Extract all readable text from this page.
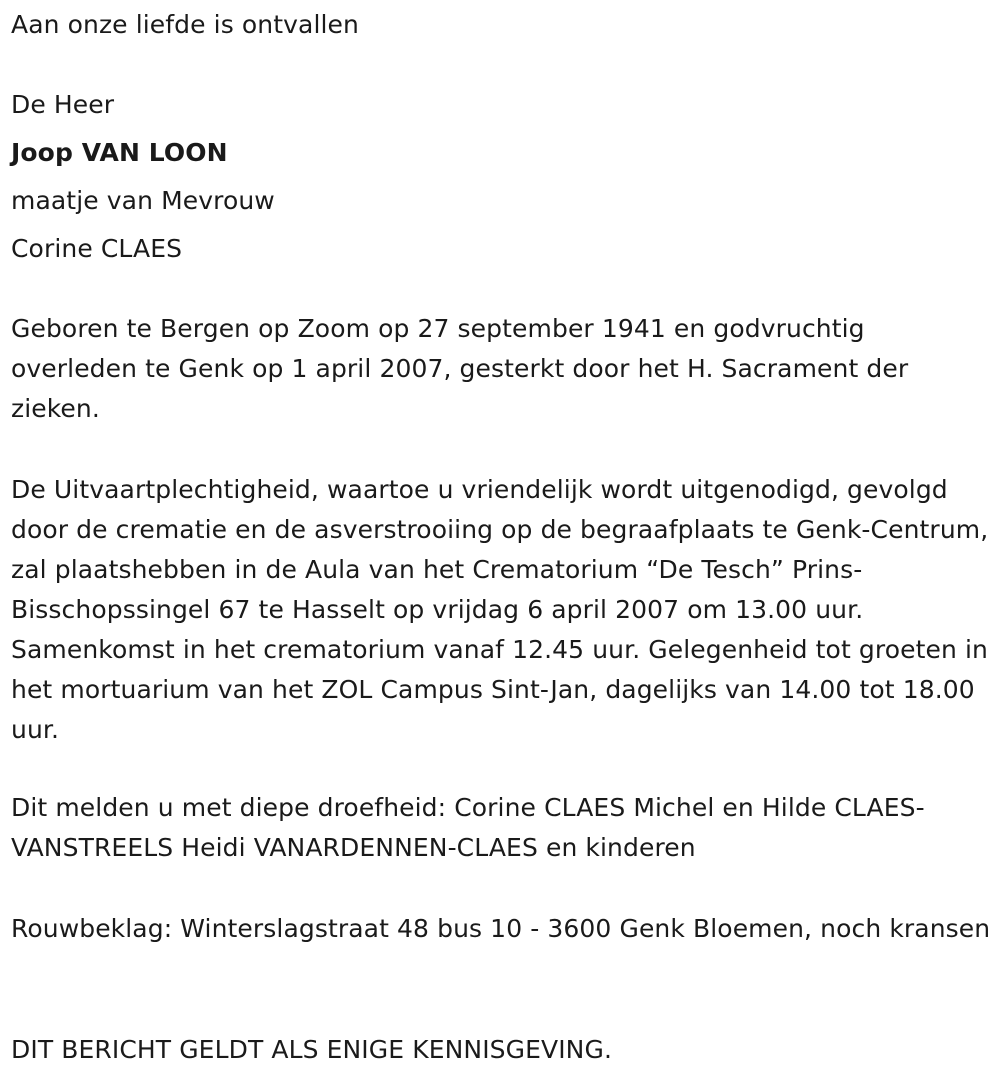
Aan onze liefde is ontvallen
De Heer
Joop VAN LOON
maatje van Mevrouw
Corine CLAES
Geboren te Bergen op Zoom op 27 september 1941 en godvruchtig overleden te Genk op 1 april 2007, gesterkt door het H. Sacrament der zieken.
De Uitvaartplechtigheid, waartoe u vriendelijk wordt uitgenodigd, gevolgd door de crematie en de asverstrooiing op de begraafplaats te Genk-Centrum, zal plaatshebben in de Aula van het Crematorium “De Tesch” Prins-Bisschopssingel 67 te Hasselt op vrijdag 6 april 2007 om 13.00 uur. Samenkomst in het crematorium vanaf 12.45 uur. Gelegenheid tot groeten in het mortuarium van het ZOL Campus Sint-Jan, dagelijks van 14.00 tot 18.00 uur.
Dit melden u met diepe droefheid: Corine CLAES Michel en Hilde CLAES-VANSTREELS Heidi VANARDENNEN-CLAES en kinderen
Rouwbeklag: Winterslagstraat 48 bus 10 - 3600 Genk Bloemen, noch kransen
DIT BERICHT GELDT ALS ENIGE KENNISGEVING.
